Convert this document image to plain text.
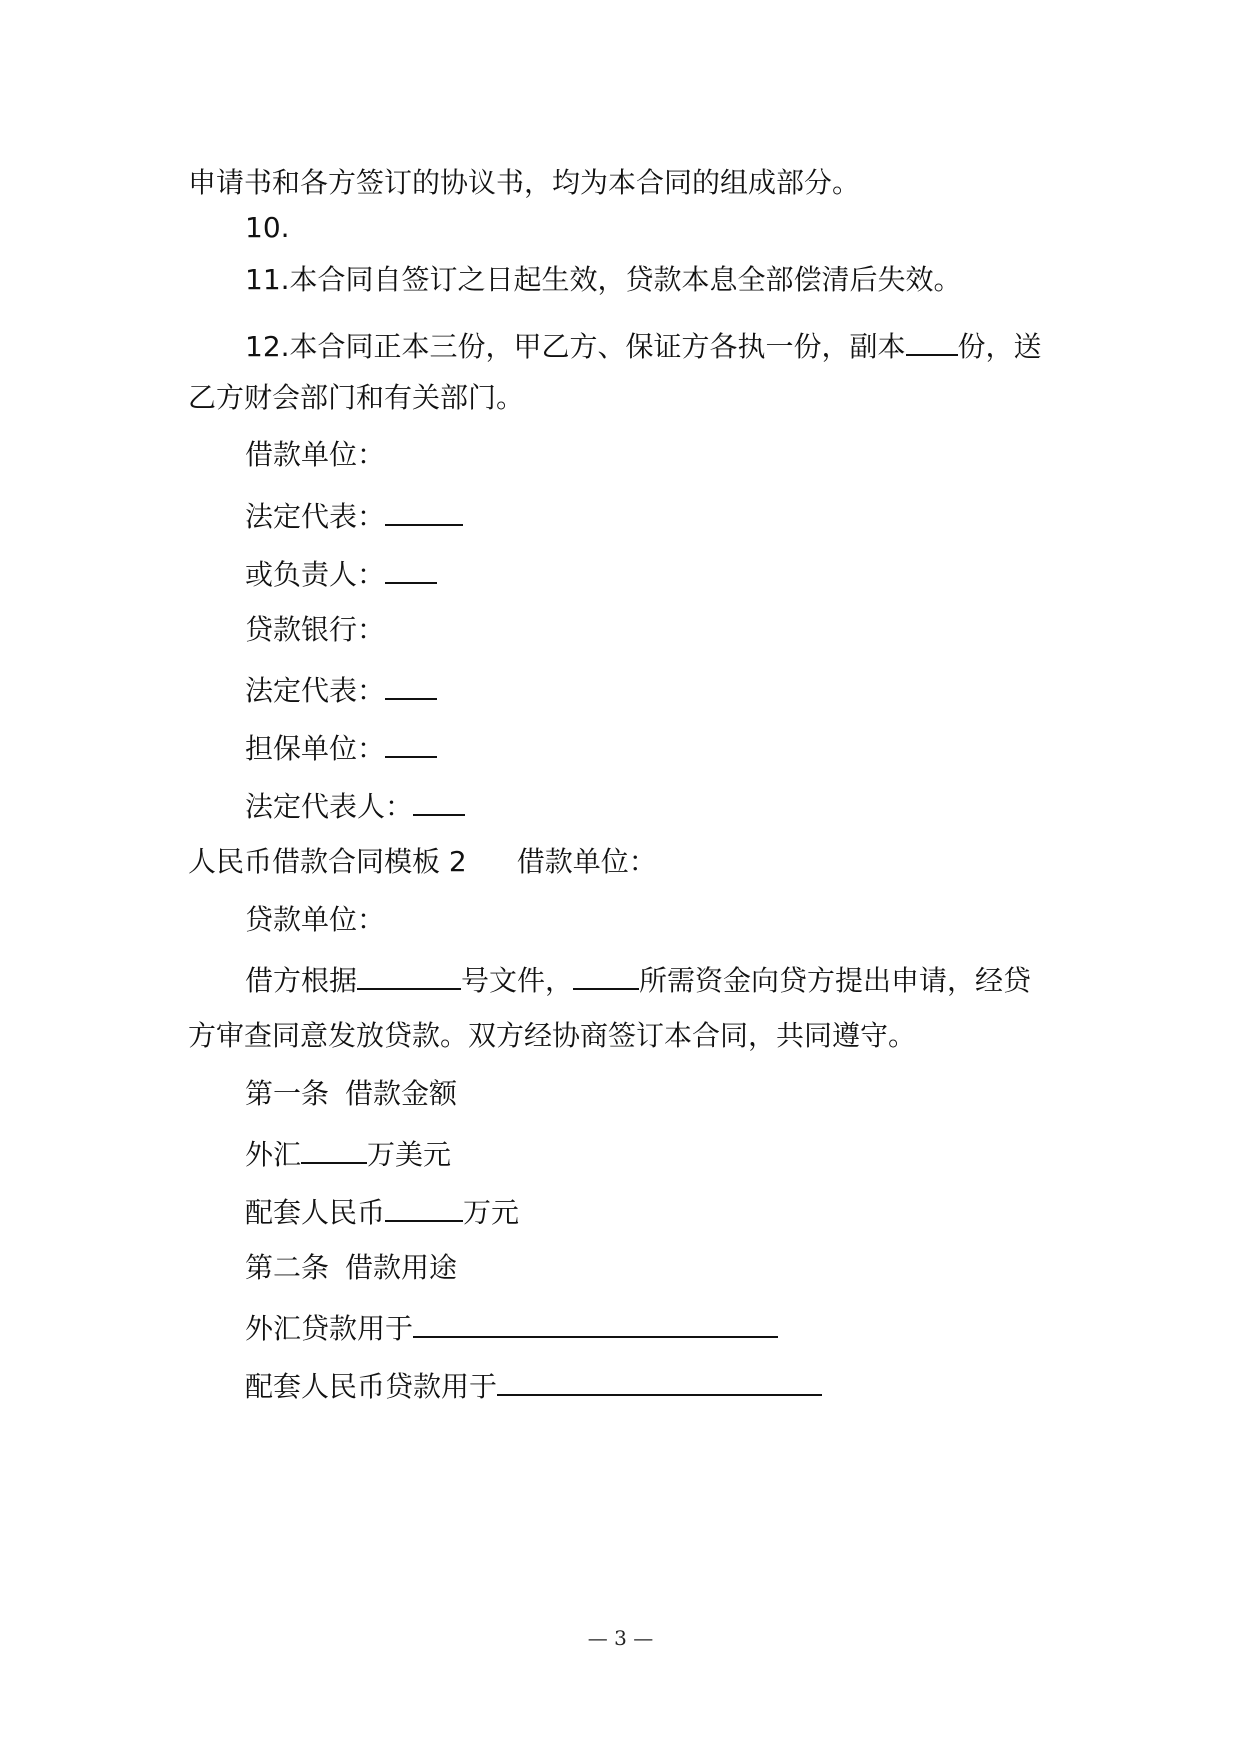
申请书和各方签订的协议书，均为本合同的组成部分。
10.
11.本合同自签订之日起生效，贷款本息全部偿清后失效。
12.本合同正本三份，甲乙方、保证方各执一份，副本 份，送
乙方财会部门和有关部门。
借款单位：
法定代表：
或负责人：
贷款银行：
法定代表：
担保单位：
法定代表人：
人民币借款合同模板 2 借款单位：
贷款单位：
借方根据	号文件， 所需资金向贷方提出申请，经贷
方审查同意发放贷款。双方经协商签订本合同，共同遵守。
第一条 借款金额
外汇 万美元
配套人民币	万元
第二条 借款用途
外汇贷款用于
配套人民币贷款用于
— 3 —
